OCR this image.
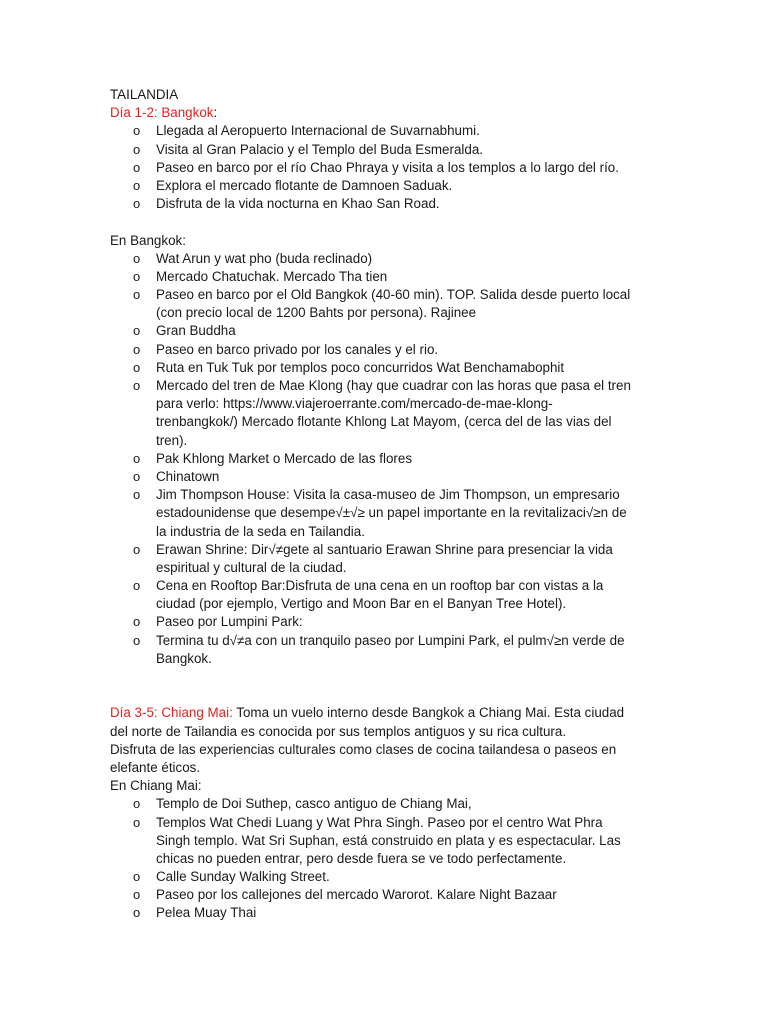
TAILANDIA
Día 1-2: Bangkok:
o Llegada al Aeropuerto Internacional de Suvarnabhumi.
o Visita al Gran Palacio y el Templo del Buda Esmeralda.
o Paseo en barco por el río Chao Phraya y visita a los templos a lo largo del río.
o Explora el mercado flotante de Damnoen Saduak.
o Disfruta de la vida nocturna en Khao San Road.
En Bangkok:
o Wat Arun y wat pho (buda reclinado)
o Mercado Chatuchak. Mercado Tha tien
o Paseo en barco por el Old Bangkok (40-60 min). TOP. Salida desde puerto local
(con precio local de 1200 Bahts por persona). Rajinee
o Gran Buddha
o Paseo en barco privado por los canales y el rio.
o Ruta en Tuk Tuk por templos poco concurridos Wat Benchamabophit
o Mercado del tren de Mae Klong (hay que cuadrar con las horas que pasa el tren
para verlo: https://www.viajeroerrante.com/mercado-de-mae-klong-
trenbangkok/) Mercado flotante Khlong Lat Mayom, (cerca del de las vias del
tren).
o Pak Khlong Market o Mercado de las flores
o Chinatown
o Jim Thompson House: Visita la casa-museo de Jim Thompson, un empresario
estadounidense que desempe√±√≥ un papel importante en la revitalizaci√≥n de
la industria de la seda en Tailandia.
o Erawan Shrine: Dir√≠gete al santuario Erawan Shrine para presenciar la vida
espiritual y cultural de la ciudad.
o Cena en Rooftop Bar:Disfruta de una cena en un rooftop bar con vistas a la
ciudad (por ejemplo, Vertigo and Moon Bar en el Banyan Tree Hotel).
o Paseo por Lumpini Park:
o Termina tu d√≠a con un tranquilo paseo por Lumpini Park, el pulm√≥n verde de
Bangkok.
Día 3-5: Chiang Mai: Toma un vuelo interno desde Bangkok a Chiang Mai. Esta ciudad
del norte de Tailandia es conocida por sus templos antiguos y su rica cultura.
Disfruta de las experiencias culturales como clases de cocina tailandesa o paseos en
elefante éticos.
En Chiang Mai:
o Templo de Doi Suthep, casco antiguo de Chiang Mai,
o Templos Wat Chedi Luang y Wat Phra Singh. Paseo por el centro Wat Phra
Singh templo. Wat Sri Suphan, está construido en plata y es espectacular. Las
chicas no pueden entrar, pero desde fuera se ve todo perfectamente.
o Calle Sunday Walking Street.
o Paseo por los callejones del mercado Warorot. Kalare Night Bazaar
o Pelea Muay Thai
